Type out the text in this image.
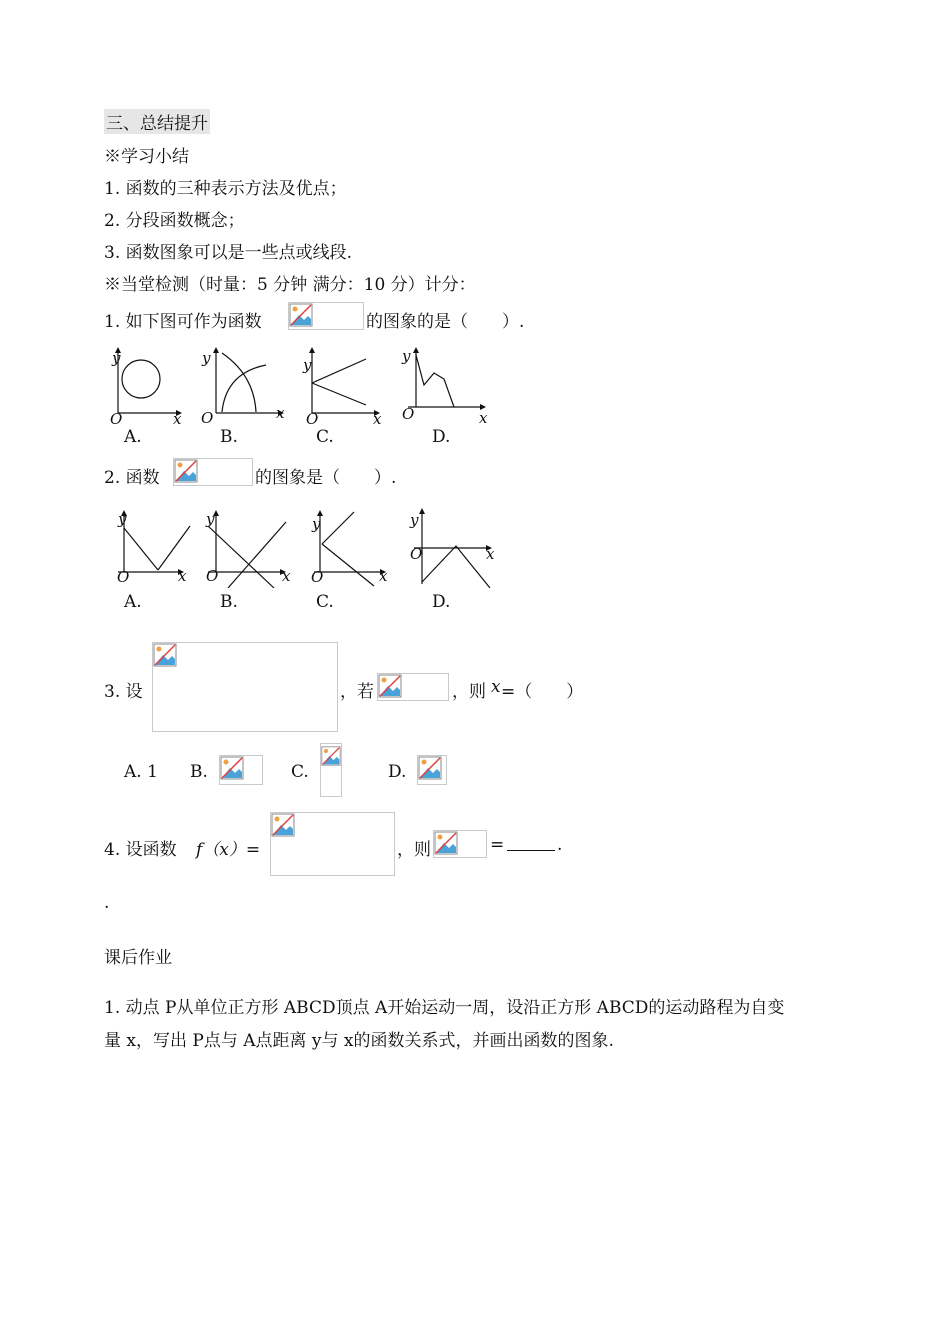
三、总结提升
※学习小结
1. 函数的三种表示方法及优点；
2. 分段函数概念；
3. 函数图象可以是一些点或线段.
※当堂检测（时量：5 分钟 满分：10 分）计分：
1. 如下图可作为函数	的图象的是（　　）.
y
O	x
y
O	x
y
O	x
y
O	x
A.	B.	C.	D.
2. 函数	的图象是（　　）.
y
O	x
y
O	x
y
O	x
y
O	x
A.	B.	C.	D.
3. 设	，若	，则 x =（　　）
A. 1 B.	C.	D.
4. 设函数 f（x）=	，则	=	.
.
课后作业
1. 动点 P从单位正方形 ABCD顶点 A开始运动一周，设沿正方形 ABCD的运动路程为自变
量 x，写出 P点与 A点距离 y与 x的函数关系式，并画出函数的图象.
